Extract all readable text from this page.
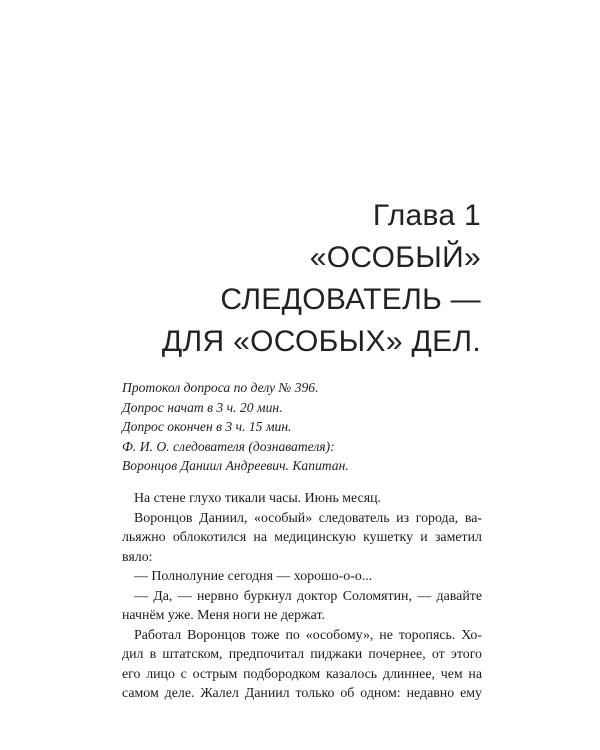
Глава 1
«ОСОБЫЙ»
СЛЕДОВАТЕЛЬ —
ДЛЯ «ОСОБЫХ» ДЕЛ.
Протокол допроса по делу № 396.
Допрос начат в 3 ч. 20 мин.
Допрос окончен в 3 ч. 15 мин.
Ф. И. О. следователя (дознавателя):
Воронцов Даниил Андреевич. Капитан.
На стене глухо тикали часы. Июнь месяц.
Воронцов Даниил, «особый» следователь из города, ва-
льяжно облокотился на медицинскую кушетку и заметил
вяло:
— Полнолуние сегодня — хорошо-о-о...
— Да, — нервно буркнул доктор Соломятин, — давайте
начнём уже. Меня ноги не держат.
Работал Воронцов тоже по «особому», не торопясь. Хо-
дил в штатском, предпочитал пиджаки почернее, от этого
его лицо с острым подбородком казалось длиннее, чем на
самом деле. Жалел Даниил только об одном: недавно ему
